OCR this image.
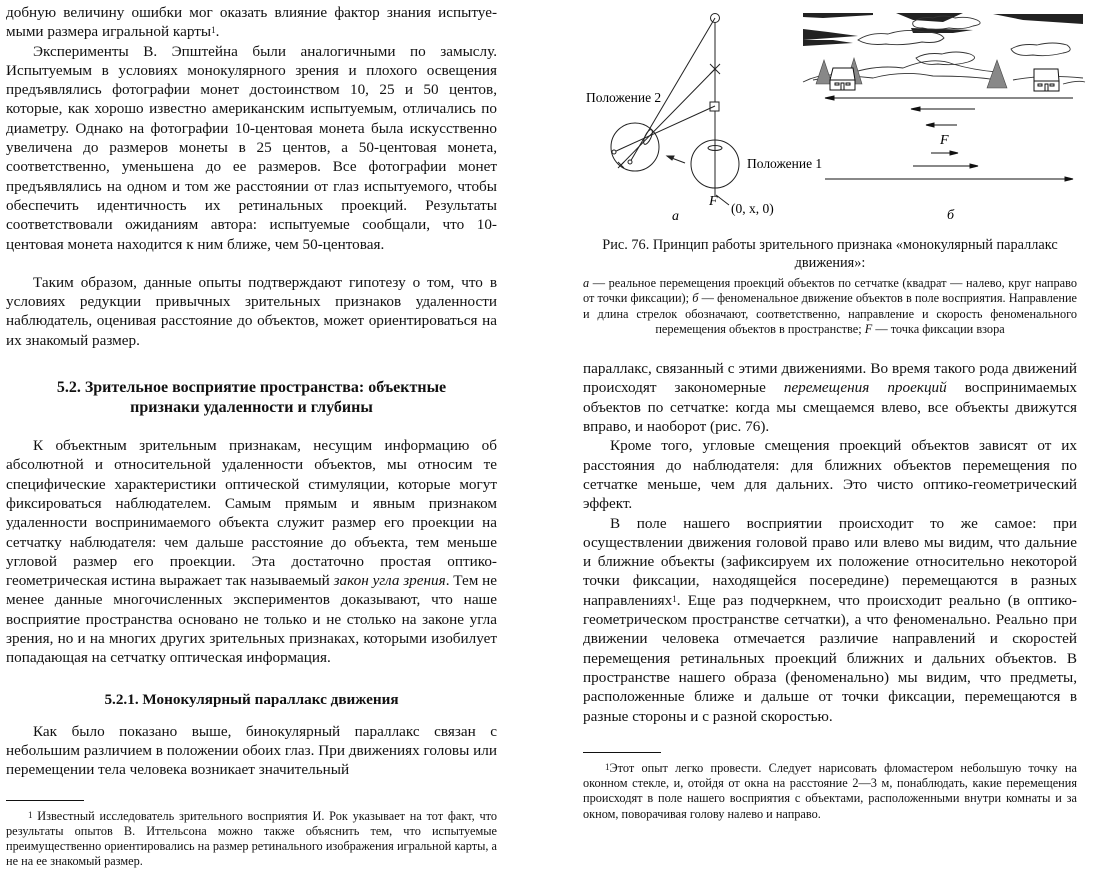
добную величину ошибки мог оказать влияние фактор знания испытуе-мыми размера игральной карты$^1$.

Эксперименты В. Эпштейна были аналогичными по замыслу. Испытуемым в условиях монокулярного зрения и плохого освещения предъявлялись фотографии монет достоинством 10, 25 и 50 центов, которые, как хорошо известно американским испытуемым, отличались по диаметру. Однако на фотографии 10-центовая монета была искусственно увеличена до размеров монеты в 25 центов, а 50-центовая монета, соответственно, уменьшена до ее размеров. Все фотографии монет предъявлялись на одном и том же расстоянии от глаз испытуемого, чтобы обеспечить идентичность их ретинальных проекций. Результаты соответствовали ожиданиям автора: испытуемые сообщали, что 10-центовая монета находится к ним ближе, чем 50-центовая.

Таким образом, данные опыты подтверждают гипотезу о том, что в условиях редукции привычных зрительных признаков удаленности наблюдатель, оценивая расстояние до объектов, может ориентироваться на их знакомый размер.

5.2. Зрительное восприятие пространства: объектные признаки удаленности и глубины

К объектным зрительным признакам, несущим информацию об абсолютной и относительной удаленности объектов, мы относим те специфические характеристики оптической стимуляции, которые могут фиксироваться наблюдателем. Самым прямым и явным признаком удаленности воспринимаемого объекта служит размер его проекции на сетчатку наблюдателя: чем дальше расстояние до объекта, тем меньше угловой размер его проекции. Эта достаточно простая оптико-геометрическая истина выражает так называемый закон угла зрения. Тем не менее данные многочисленных экспериментов доказывают, что наше восприятие пространства основано не только и не столько на законе угла зрения, но и на многих других зрительных признаках, которыми изобилует попадающая на сетчатку оптическая информация.

5.2.1. Монокулярный параллакс движения

Как было показано выше, бинокулярный параллакс связан с небольшим различием в положении обоих глаз. При движениях головы или перемещении тела человека возникает значительный

$^1$ Известный исследователь зрительного восприятия И. Рок указывает на тот факт, что результаты опытов В. Иттельсона можно также объяснить тем, что испытуемые преимущественно ориентировались на размер ретинального изображения игральной карты, а не на ее знакомый размер.

Положение 2
Положение 1
F (0, x, 0)
а
F
б

Рис. 76. Принцип работы зрительного признака «монокулярный параллакс движения»:

а — реальное перемещения проекций объектов по сетчатке (квадрат — налево, круг направо от точки фиксации); б — феноменальное движение объектов в поле восприятия. Направление и длина стрелок обозначают, соответственно, направление и скорость феноменального перемещения объектов в пространстве; F — точка фиксации взора

параллакс, связанный с этими движениями. Во время такого рода движений происходят закономерные перемещения проекций воспринимаемых объектов по сетчатке: когда мы смещаемся влево, все объекты движутся вправо, и наоборот (рис. 76).

Кроме того, угловые смещения проекций объектов зависят от их расстояния до наблюдателя: для ближних объектов перемещения по сетчатке меньше, чем для дальних. Это чисто оптико-геометрический эффект.

В поле нашего восприятии происходит то же самое: при осуществлении движения головой право или влево мы видим, что дальние и ближние объекты (зафиксируем их положение относительно некоторой точки фиксации, находящейся посередине) перемещаются в разных направлениях$^1$. Еще раз подчеркнем, что происходит реально (в оптико-геометрическом пространстве сетчатки), а что феноменально. Реально при движении человека отмечается различие направлений и скоростей перемещения ретинальных проекций ближних и дальних объектов. В пространстве нашего образа (феноменально) мы видим, что предметы, расположенные ближе и дальше от точки фиксации, перемещаются в разные стороны и с разной скоростью.

$^1$Этот опыт легко провести. Следует нарисовать фломастером небольшую точку на оконном стекле, и, отойдя от окна на расстояние 2—3 м, понаблюдать, какие перемещения происходят в поле нашего восприятия с объектами, расположенными внутри комнаты и за окном, поворачивая голову налево и направо.
